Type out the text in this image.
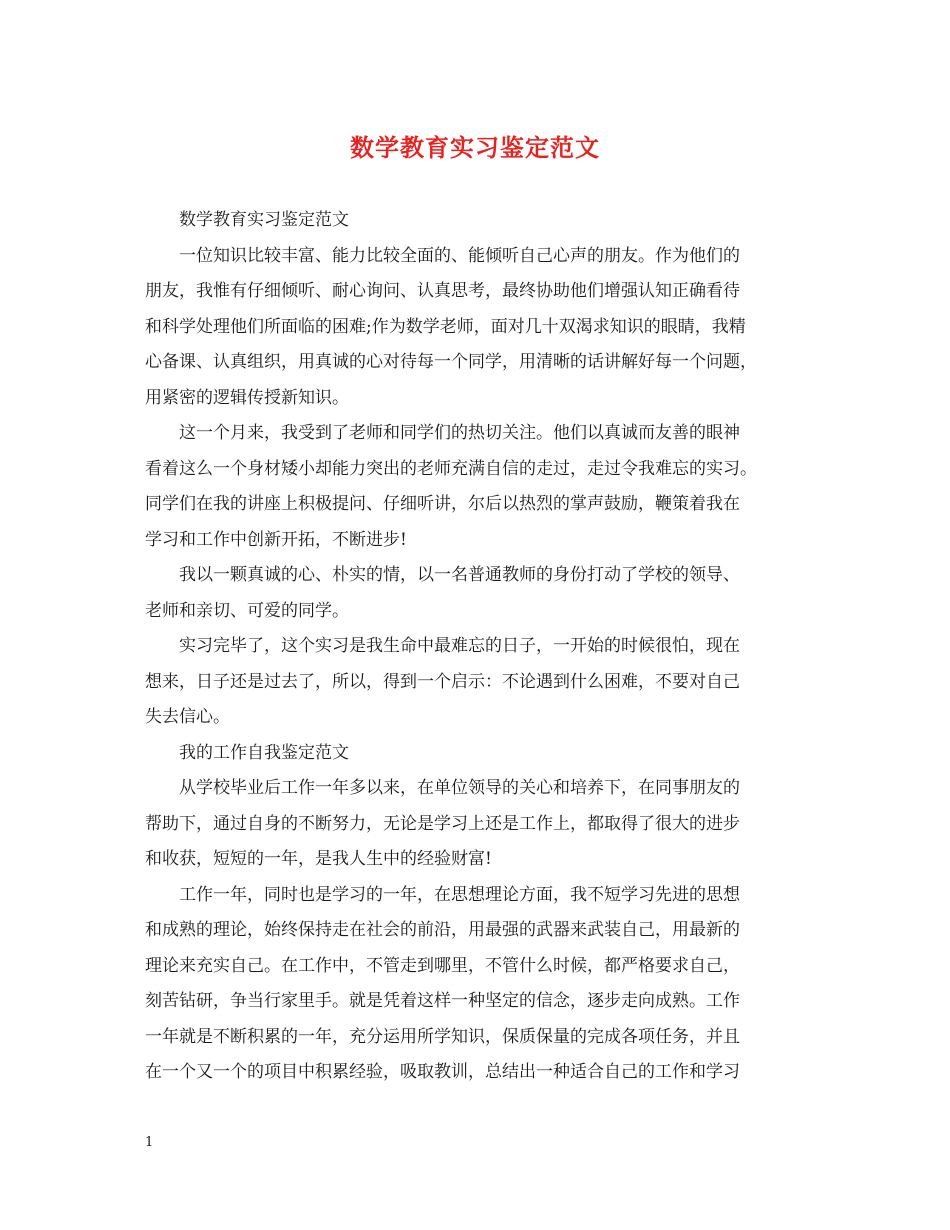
数学教育实习鉴定范文
数学教育实习鉴定范文
一位知识比较丰富、能力比较全面的、能倾听自己心声的朋友。作为他们的
朋友，我惟有仔细倾听、耐心询问、认真思考，最终协助他们增强认知正确看待
和科学处理他们所面临的困难;作为数学老师，面对几十双渴求知识的眼睛，我精
心备课、认真组织，用真诚的心对待每一个同学，用清晰的话讲解好每一个问题，
用紧密的逻辑传授新知识。
这一个月来，我受到了老师和同学们的热切关注。他们以真诚而友善的眼神
看着这么一个身材矮小却能力突出的老师充满自信的走过，走过令我难忘的实习。
同学们在我的讲座上积极提问、仔细听讲，尔后以热烈的掌声鼓励，鞭策着我在
学习和工作中创新开拓，不断进步!
我以一颗真诚的心、朴实的情，以一名普通教师的身份打动了学校的领导、
老师和亲切、可爱的同学。
实习完毕了，这个实习是我生命中最难忘的日子，一开始的时候很怕，现在
想来，日子还是过去了，所以，得到一个启示：不论遇到什么困难，不要对自己
失去信心。
我的工作自我鉴定范文
从学校毕业后工作一年多以来，在单位领导的关心和培养下，在同事朋友的
帮助下，通过自身的不断努力，无论是学习上还是工作上，都取得了很大的进步
和收获，短短的一年，是我人生中的经验财富!
工作一年，同时也是学习的一年，在思想理论方面，我不短学习先进的思想
和成熟的理论，始终保持走在社会的前沿，用最强的武器来武装自己，用最新的
理论来充实自己。在工作中，不管走到哪里，不管什么时候，都严格要求自己，
刻苦钻研，争当行家里手。就是凭着这样一种坚定的信念，逐步走向成熟。工作
一年就是不断积累的一年，充分运用所学知识，保质保量的完成各项任务，并且
在一个又一个的项目中积累经验，吸取教训，总结出一种适合自己的工作和学习
1
